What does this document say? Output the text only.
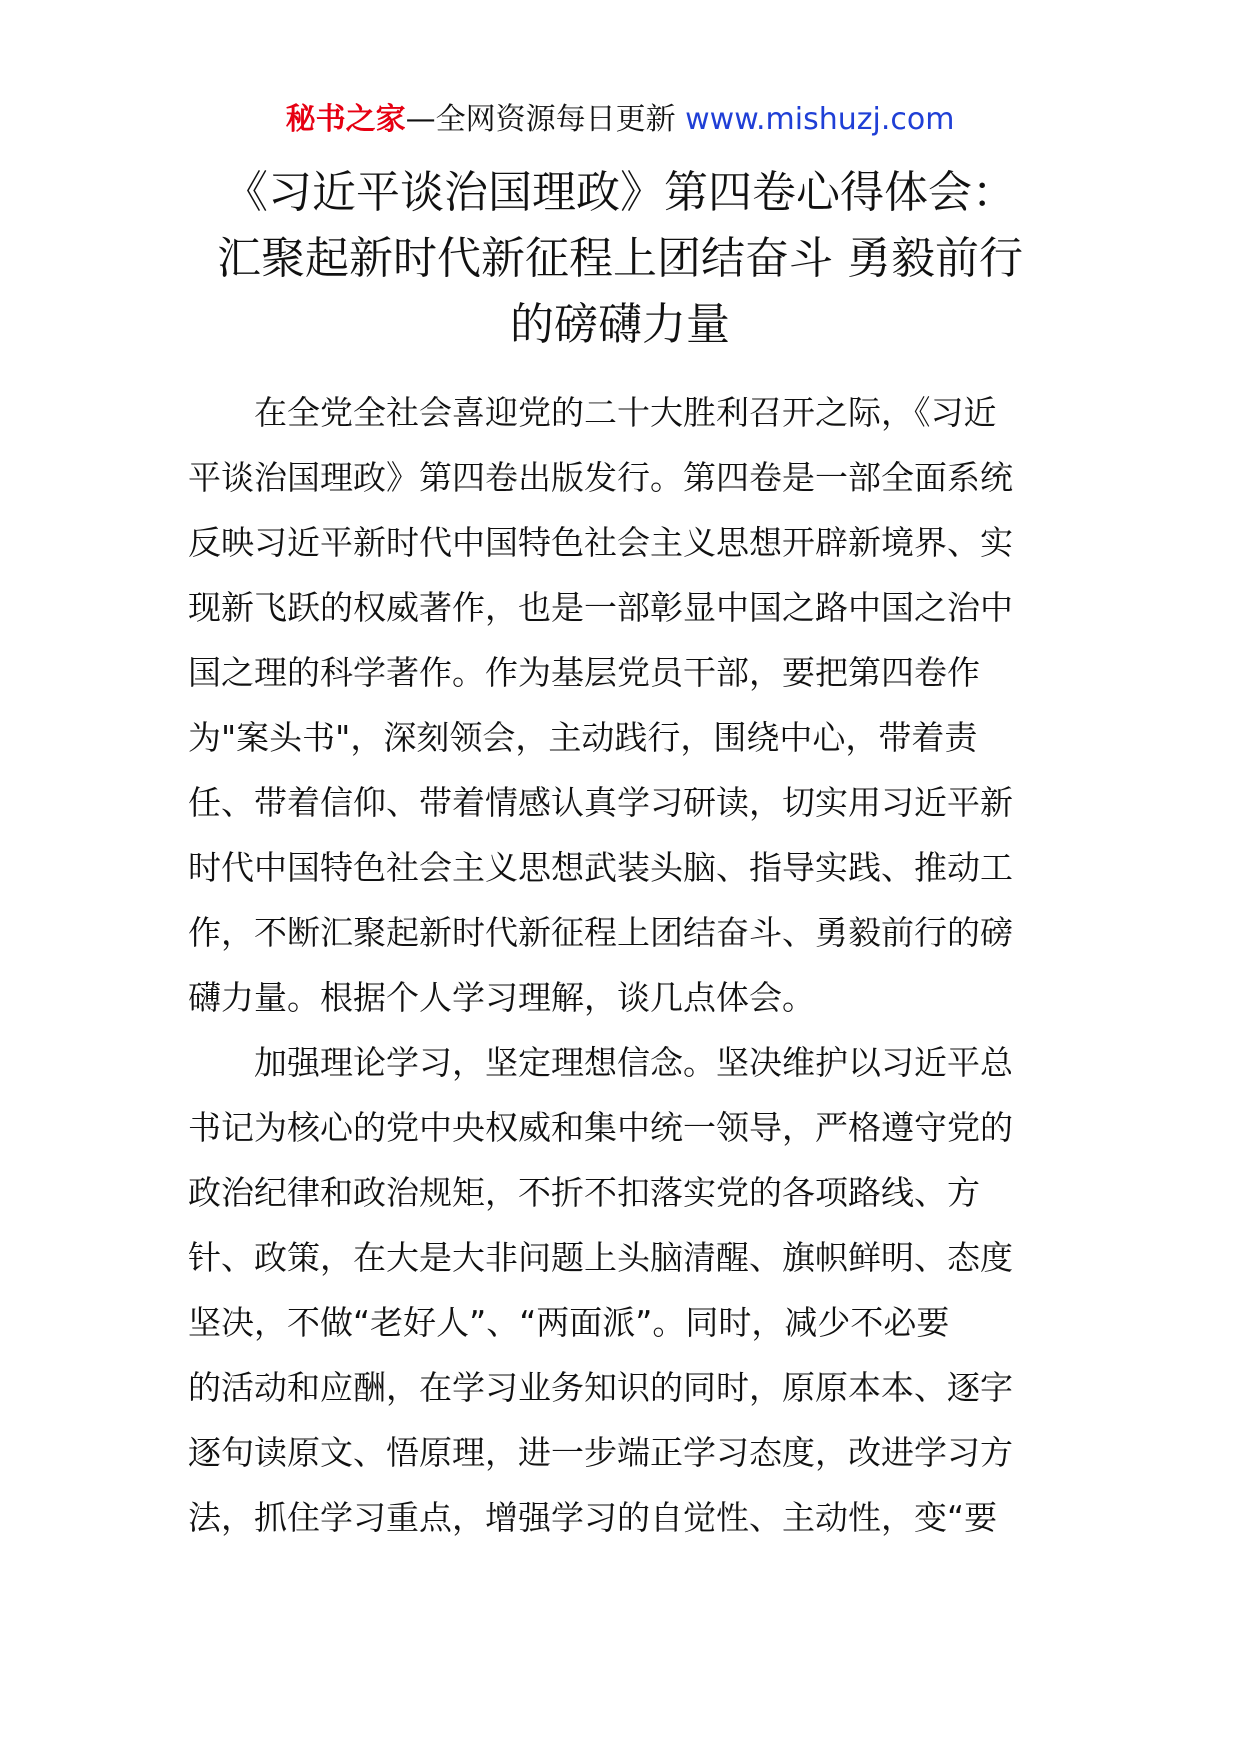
秘书之家—全网资源每日更新 www.mishuzj.com
《习近平谈治国理政》第四卷心得体会：
汇聚起新时代新征程上团结奋斗 勇毅前行
的磅礴力量
在全党全社会喜迎党的二十大胜利召开之际，《习近
平谈治国理政》第四卷出版发行。第四卷是一部全面系统
反映习近平新时代中国特色社会主义思想开辟新境界、实
现新飞跃的权威著作，也是一部彰显中国之路中国之治中
国之理的科学著作。作为基层党员干部，要把第四卷作
为"案头书"，深刻领会，主动践行，围绕中心，带着责
任、带着信仰、带着情感认真学习研读，切实用习近平新
时代中国特色社会主义思想武装头脑、指导实践、推动工
作，不断汇聚起新时代新征程上团结奋斗、勇毅前行的磅
礴力量。根据个人学习理解，谈几点体会。
加强理论学习，坚定理想信念。坚决维护以习近平总
书记为核心的党中央权威和集中统一领导，严格遵守党的
政治纪律和政治规矩，不折不扣落实党的各项路线、方
针、政策，在大是大非问题上头脑清醒、旗帜鲜明、态度
坚决，不做“老好人”、“两面派”。同时，减少不必要
的活动和应酬，在学习业务知识的同时，原原本本、逐字
逐句读原文、悟原理，进一步端正学习态度，改进学习方
法，抓住学习重点，增强学习的自觉性、主动性，变“要
